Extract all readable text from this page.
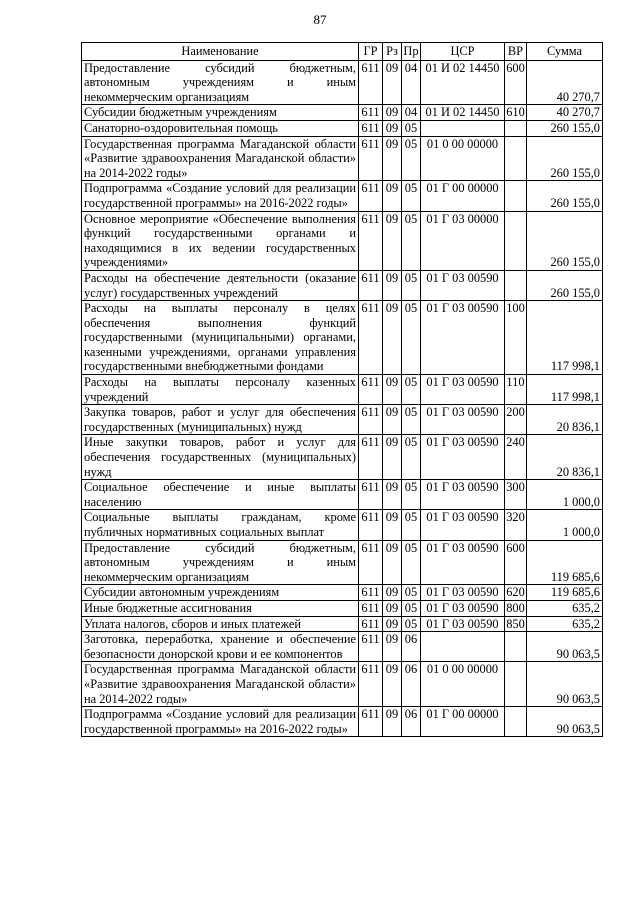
87
Наименование	ГР	Рз	Пр	ЦСР	ВР	Сумма
Предоставление субсидий бюджетным, автономным учреждениям и иным некоммерческим организациям	611	09	04	01 И 02 14450	600	40 270,7
Субсидии бюджетным учреждениям	611	09	04	01 И 02 14450	610	40 270,7
Санаторно-оздоровительная помощь	611	09	05			260 155,0
Государственная программа Магаданской области «Развитие здравоохранения Магаданской области» на 2014-2022 годы»	611	09	05	01 0 00 00000		260 155,0
Подпрограмма «Создание условий для реализации государственной программы» на 2016-2022 годы»	611	09	05	01 Г 00 00000		260 155,0
Основное мероприятие «Обеспечение выполнения функций государственными органами и находящимися в их ведении государственных учреждениями»	611	09	05	01 Г 03 00000		260 155,0
Расходы на обеспечение деятельности (оказание услуг) государственных учреждений	611	09	05	01 Г 03 00590		260 155,0
Расходы на выплаты персоналу в целях обеспечения выполнения функций государственными (муниципальными) органами, казенными учреждениями, органами управления государственными внебюджетными фондами	611	09	05	01 Г 03 00590	100	117 998,1
Расходы на выплаты персоналу казенных учреждений	611	09	05	01 Г 03 00590	110	117 998,1
Закупка товаров, работ и услуг для обеспечения государственных (муниципальных) нужд	611	09	05	01 Г 03 00590	200	20 836,1
Иные закупки товаров, работ и услуг для обеспечения государственных (муниципальных) нужд	611	09	05	01 Г 03 00590	240	20 836,1
Социальное обеспечение и иные выплаты населению	611	09	05	01 Г 03 00590	300	1 000,0
Социальные выплаты гражданам, кроме публичных нормативных социальных выплат	611	09	05	01 Г 03 00590	320	1 000,0
Предоставление субсидий бюджетным, автономным учреждениям и иным некоммерческим организациям	611	09	05	01 Г 03 00590	600	119 685,6
Субсидии автономным учреждениям	611	09	05	01 Г 03 00590	620	119 685,6
Иные бюджетные ассигнования	611	09	05	01 Г 03 00590	800	635,2
Уплата налогов, сборов и иных платежей	611	09	05	01 Г 03 00590	850	635,2
Заготовка, переработка, хранение и обеспечение безопасности донорской крови и ее компонентов	611	09	06			90 063,5
Государственная программа Магаданской области «Развитие здравоохранения Магаданской области» на 2014-2022 годы»	611	09	06	01 0 00 00000		90 063,5
Подпрограмма «Создание условий для реализации государственной программы» на 2016-2022 годы»	611	09	06	01 Г 00 00000		90 063,5
